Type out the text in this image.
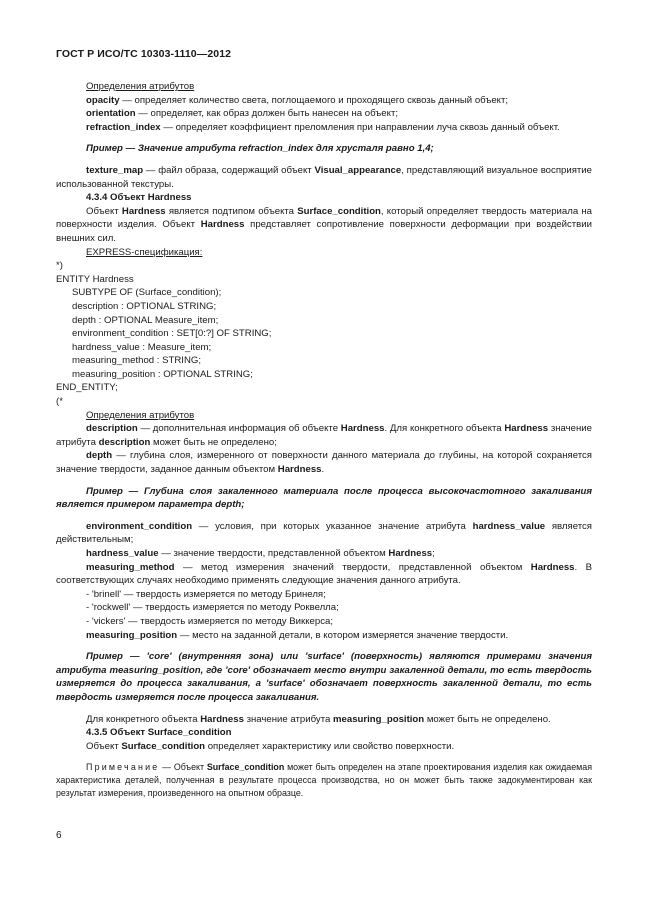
ГОСТ Р ИСО/ТС 10303-1110—2012

Определения атрибутов

opacity — определяет количество света, поглощаемого и проходящего сквозь данный объект;

orientation — определяет, как образ должен быть нанесен на объект;

refraction_index — определяет коэффициент преломления при направлении луча сквозь данный объект.

Пример — Значение атрибута refraction_index для хрусталя равно 1,4;

texture_map — файл образа, содержащий объект Visual_appearance, представляющий визуальное восприятие использованной текстуры.

4.3.4 Объект Hardness

Объект Hardness является подтипом объекта Surface_condition, который определяет твердость материала на поверхности изделия. Объект Hardness представляет сопротивление поверхности деформации при воздействии внешних сил.

EXPRESS-спецификация:

*)
ENTITY Hardness
SUBTYPE OF (Surface_condition);
description : OPTIONAL STRING;
depth : OPTIONAL Measure_item;
environment_condition : SET[0:?] OF STRING;
hardness_value : Measure_item;
measuring_method : STRING;
measuring_position : OPTIONAL STRING;
END_ENTITY;
(*

Определения атрибутов

description — дополнительная информация об объекте Hardness. Для конкретного объекта Hardness значение атрибута description может быть не определено;

depth — глубина слоя, измеренного от поверхности данного материала до глубины, на которой сохраняется значение твердости, заданное данным объектом Hardness.

Пример — Глубина слоя закаленного материала после процесса высокочастотного закаливания является примером параметра depth;

environment_condition — условия, при которых указанное значение атрибута hardness_value является действительным;

hardness_value — значение твердости, представленной объектом Hardness;

measuring_method — метод измерения значений твердости, представленной объектом Hardness. В соответствующих случаях необходимо применять следующие значения данного атрибута.

- 'brinell' — твердость измеряется по методу Бринеля;

- 'rockwell' — твердость измеряется по методу Роквелла;

- 'vickers' — твердость измеряется по методу Виккерса;

measuring_position — место на заданной детали, в котором измеряется значение твердости.

Пример — 'core' (внутренняя зона) или 'surface' (поверхность) являются примерами значения атрибута measuring_position, где 'core' обозначает место внутри закаленной детали, то есть твердость измеряется до процесса закаливания, а 'surface' обозначает поверхность закаленной детали, то есть твердость измеряется после процесса закаливания.

Для конкретного объекта Hardness значение атрибута measuring_position может быть не определено.

4.3.5 Объект Surface_condition

Объект Surface_condition определяет характеристику или свойство поверхности.

Примечание — Объект Surface_condition может быть определен на этапе проектирования изделия как ожидаемая характеристика деталей, полученная в результате процесса производства, но он может быть также задокументирован как результат измерения, произведенного на опытном образце.

6
